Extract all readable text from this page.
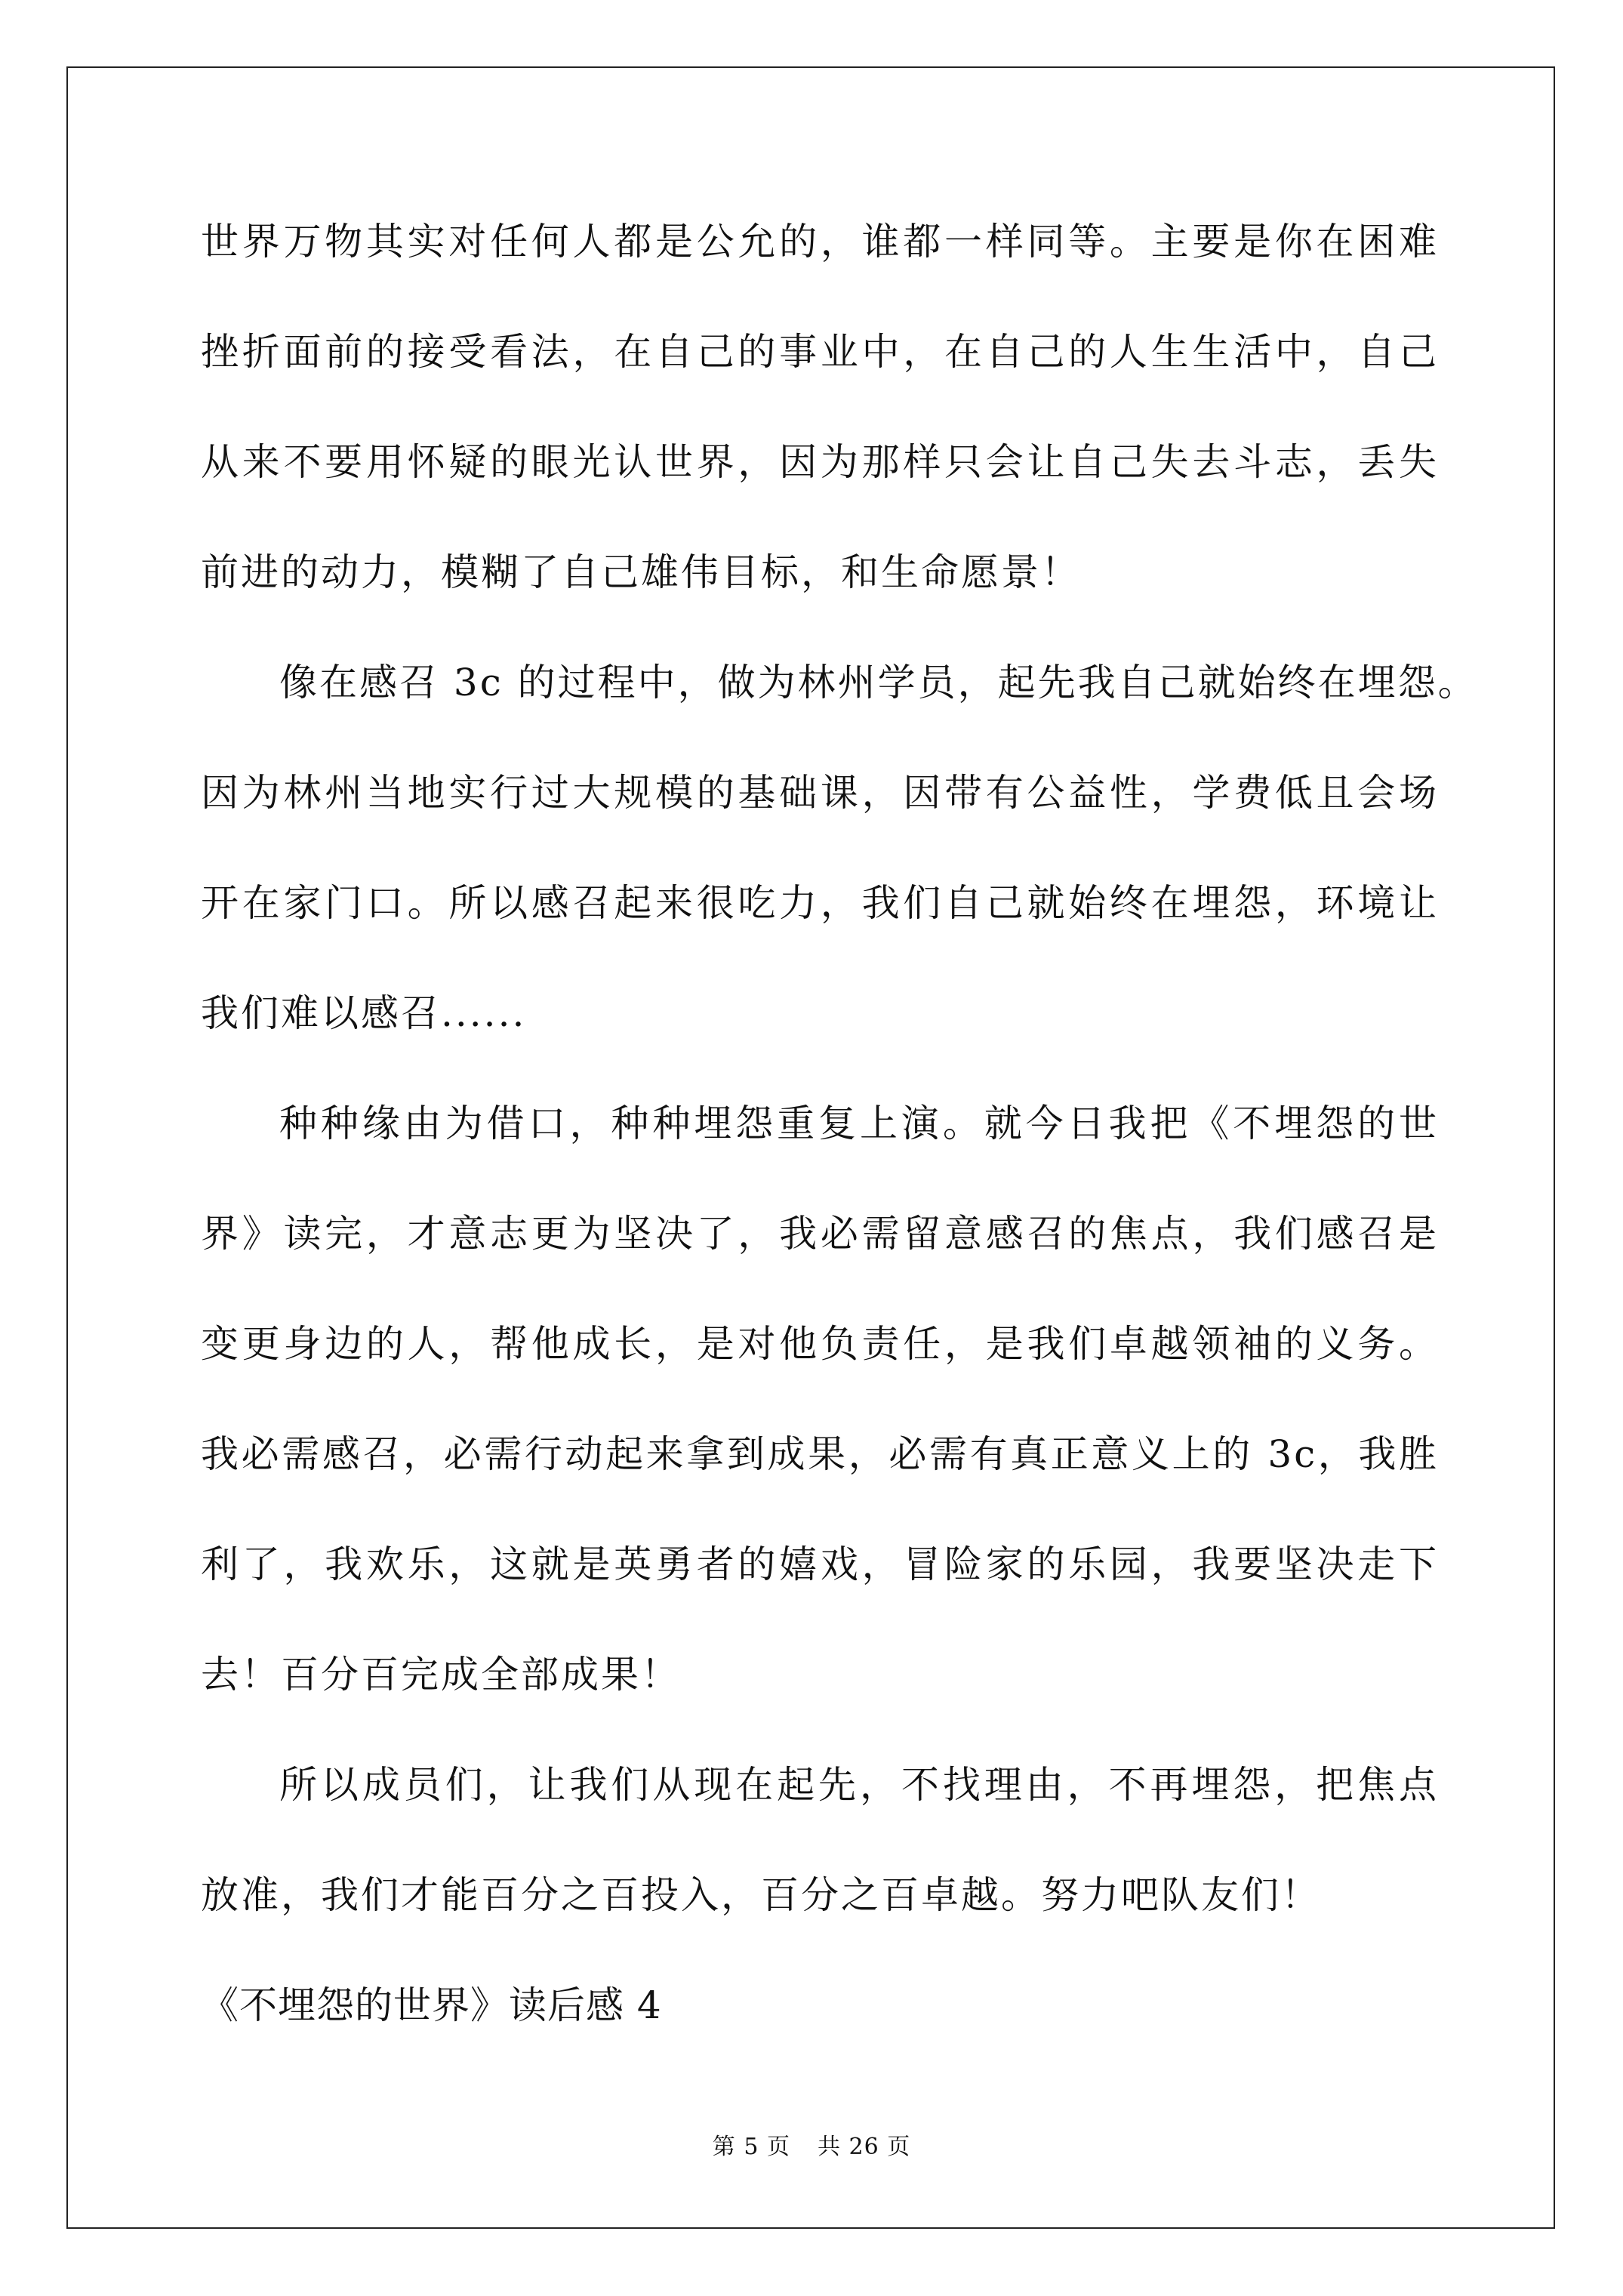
世界万物其实对任何人都是公允的，谁都一样同等。主要是你在困难
挫折面前的接受看法，在自己的事业中，在自己的人生生活中，自己
从来不要用怀疑的眼光认世界，因为那样只会让自己失去斗志，丢失
前进的动力，模糊了自己雄伟目标，和生命愿景！
像在感召 3c 的过程中，做为林州学员，起先我自己就始终在埋怨。
因为林州当地实行过大规模的基础课，因带有公益性，学费低且会场
开在家门口。所以感召起来很吃力，我们自己就始终在埋怨，环境让
我们难以感召......
种种缘由为借口，种种埋怨重复上演。就今日我把《不埋怨的世
界》读完，才意志更为坚决了，我必需留意感召的焦点，我们感召是
变更身边的人，帮他成长，是对他负责任，是我们卓越领袖的义务。
我必需感召，必需行动起来拿到成果，必需有真正意义上的 3c，我胜
利了，我欢乐，这就是英勇者的嬉戏，冒险家的乐园，我要坚决走下
去！百分百完成全部成果！
所以成员们，让我们从现在起先，不找理由，不再埋怨，把焦点
放准，我们才能百分之百投入，百分之百卓越。努力吧队友们！
《不埋怨的世界》读后感 4
第 5 页 共 26 页
